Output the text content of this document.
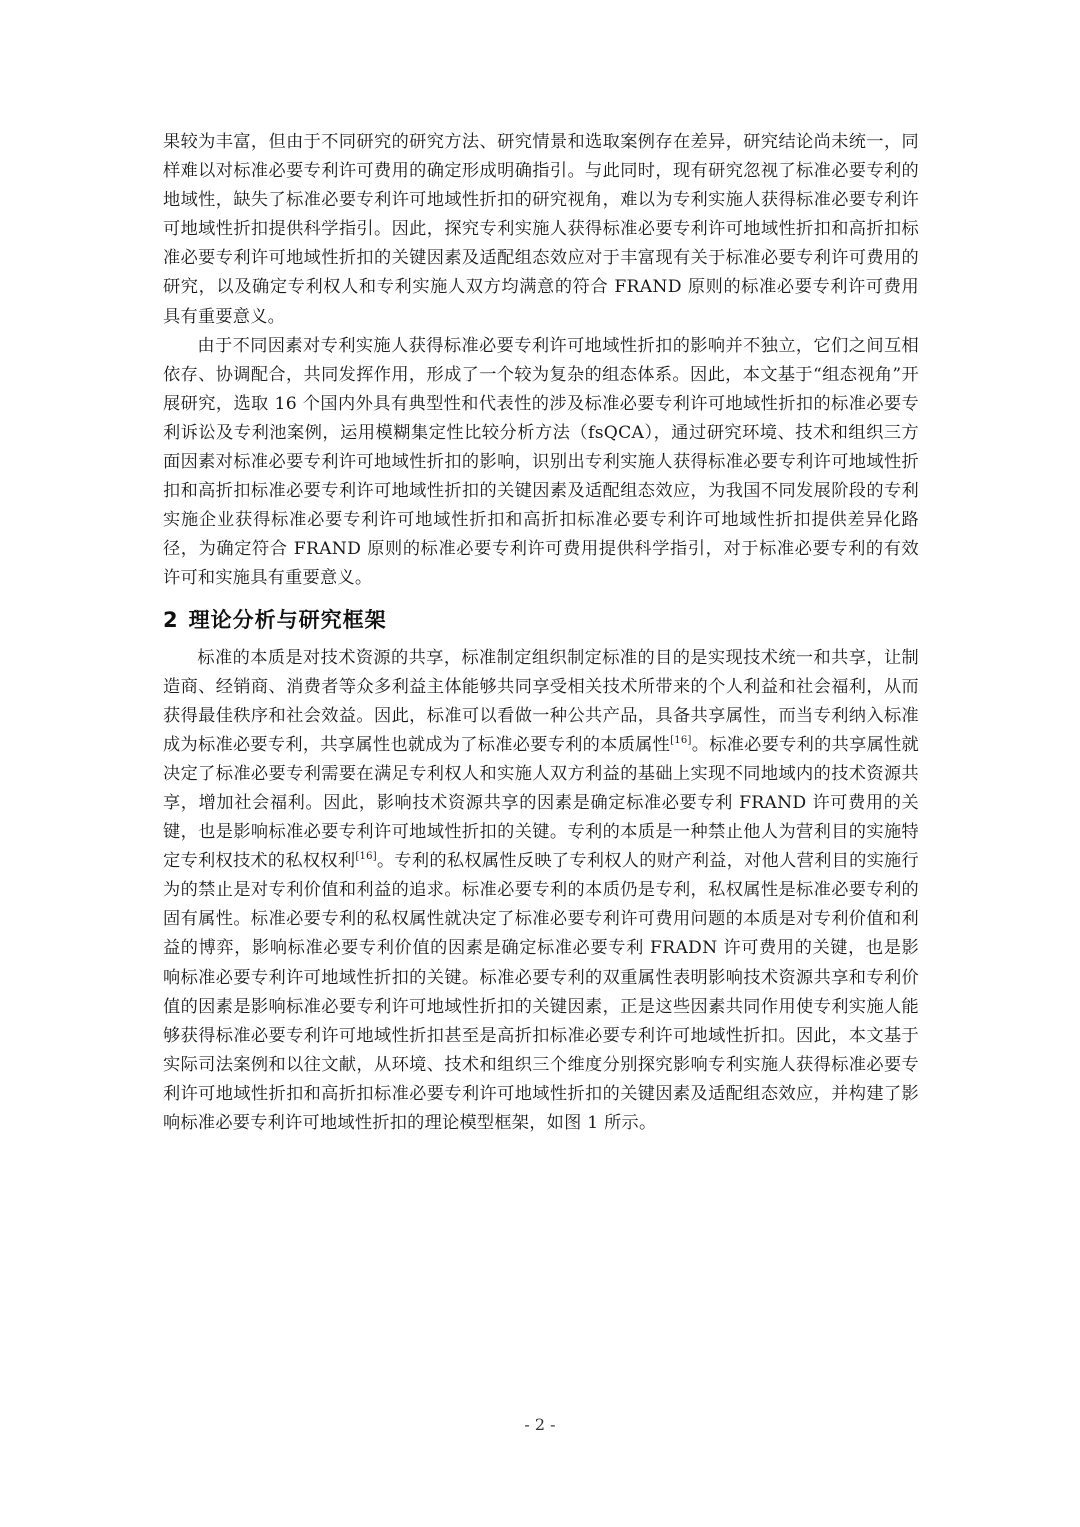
果较为丰富，但由于不同研究的研究方法、研究情景和选取案例存在差异，研究结论尚未统一，同样难以对标准必要专利许可费用的确定形成明确指引。与此同时，现有研究忽视了标准必要专利的地域性，缺失了标准必要专利许可地域性折扣的研究视角，难以为专利实施人获得标准必要专利许可地域性折扣提供科学指引。因此，探究专利实施人获得标准必要专利许可地域性折扣和高折扣标准必要专利许可地域性折扣的关键因素及适配组态效应对于丰富现有关于标准必要专利许可费用的研究，以及确定专利权人和专利实施人双方均满意的符合 FRAND 原则的标准必要专利许可费用具有重要意义。

由于不同因素对专利实施人获得标准必要专利许可地域性折扣的影响并不独立，它们之间互相依存、协调配合，共同发挥作用，形成了一个较为复杂的组态体系。因此，本文基于“组态视角”开展研究，选取 16 个国内外具有典型性和代表性的涉及标准必要专利许可地域性折扣的标准必要专利诉讼及专利池案例，运用模糊集定性比较分析方法（fsQCA），通过研究环境、技术和组织三方面因素对标准必要专利许可地域性折扣的影响，识别出专利实施人获得标准必要专利许可地域性折扣和高折扣标准必要专利许可地域性折扣的关键因素及适配组态效应，为我国不同发展阶段的专利实施企业获得标准必要专利许可地域性折扣和高折扣标准必要专利许可地域性折扣提供差异化路径，为确定符合 FRAND 原则的标准必要专利许可费用提供科学指引，对于标准必要专利的有效许可和实施具有重要意义。

2 理论分析与研究框架

标准的本质是对技术资源的共享，标准制定组织制定标准的目的是实现技术统一和共享，让制造商、经销商、消费者等众多利益主体能够共同享受相关技术所带来的个人利益和社会福利，从而获得最佳秩序和社会效益。因此，标准可以看做一种公共产品，具备共享属性，而当专利纳入标准成为标准必要专利，共享属性也就成为了标准必要专利的本质属性[16]。标准必要专利的共享属性就决定了标准必要专利需要在满足专利权人和实施人双方利益的基础上实现不同地域内的技术资源共享，增加社会福利。因此，影响技术资源共享的因素是确定标准必要专利 FRAND 许可费用的关键，也是影响标准必要专利许可地域性折扣的关键。专利的本质是一种禁止他人为营利目的实施特定专利权技术的私权权利[16]。专利的私权属性反映了专利权人的财产利益，对他人营利目的实施行为的禁止是对专利价值和利益的追求。标准必要专利的本质仍是专利，私权属性是标准必要专利的固有属性。标准必要专利的私权属性就决定了标准必要专利许可费用问题的本质是对专利价值和利益的博弈，影响标准必要专利价值的因素是确定标准必要专利 FRADN 许可费用的关键，也是影响标准必要专利许可地域性折扣的关键。标准必要专利的双重属性表明影响技术资源共享和专利价值的因素是影响标准必要专利许可地域性折扣的关键因素，正是这些因素共同作用使专利实施人能够获得标准必要专利许可地域性折扣甚至是高折扣标准必要专利许可地域性折扣。因此，本文基于实际司法案例和以往文献，从环境、技术和组织三个维度分别探究影响专利实施人获得标准必要专利许可地域性折扣和高折扣标准必要专利许可地域性折扣的关键因素及适配组态效应，并构建了影响标准必要专利许可地域性折扣的理论模型框架，如图 1 所示。

- 2 -
